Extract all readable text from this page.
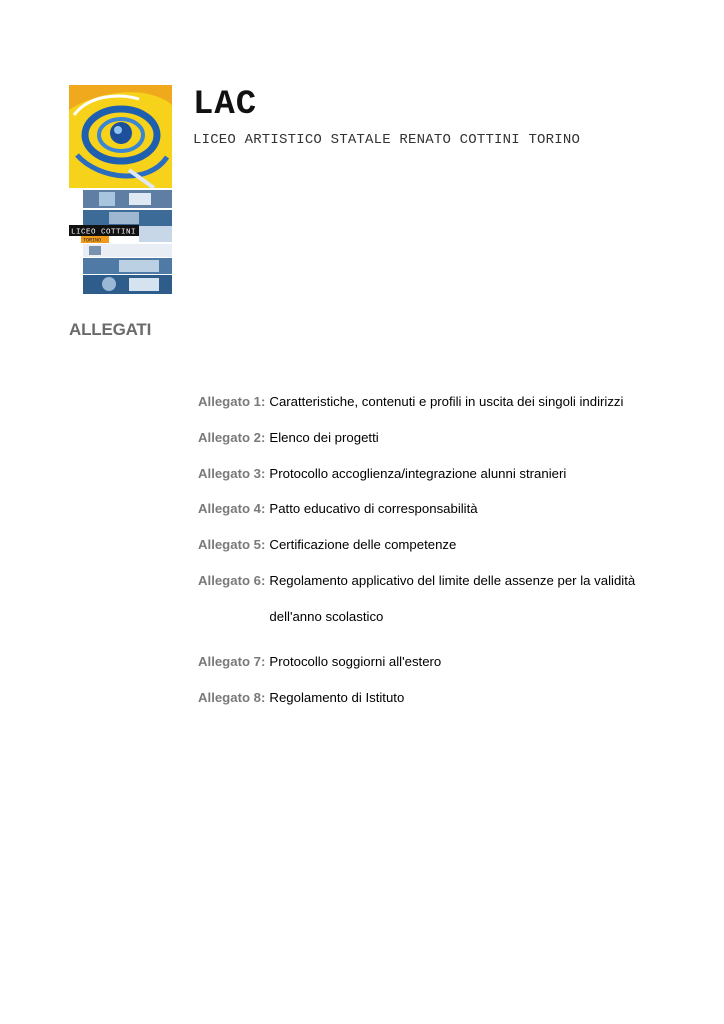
LICEO COTTINI
TORINO
LAC
LICEO ARTISTICO STATALE RENATO COTTINI TORINO
ALLEGATI
Allegato 1: Caratteristiche, contenuti e profili in uscita dei singoli indirizzi
Allegato 2: Elenco dei progetti
Allegato 3: Protocollo accoglienza/integrazione alunni stranieri
Allegato 4: Patto educativo di corresponsabilità
Allegato 5: Certificazione delle competenze
Allegato 6: Regolamento applicativo del limite delle assenze per la validità dell'anno scolastico
Allegato 7: Protocollo soggiorni all'estero
Allegato 8: Regolamento di Istituto
